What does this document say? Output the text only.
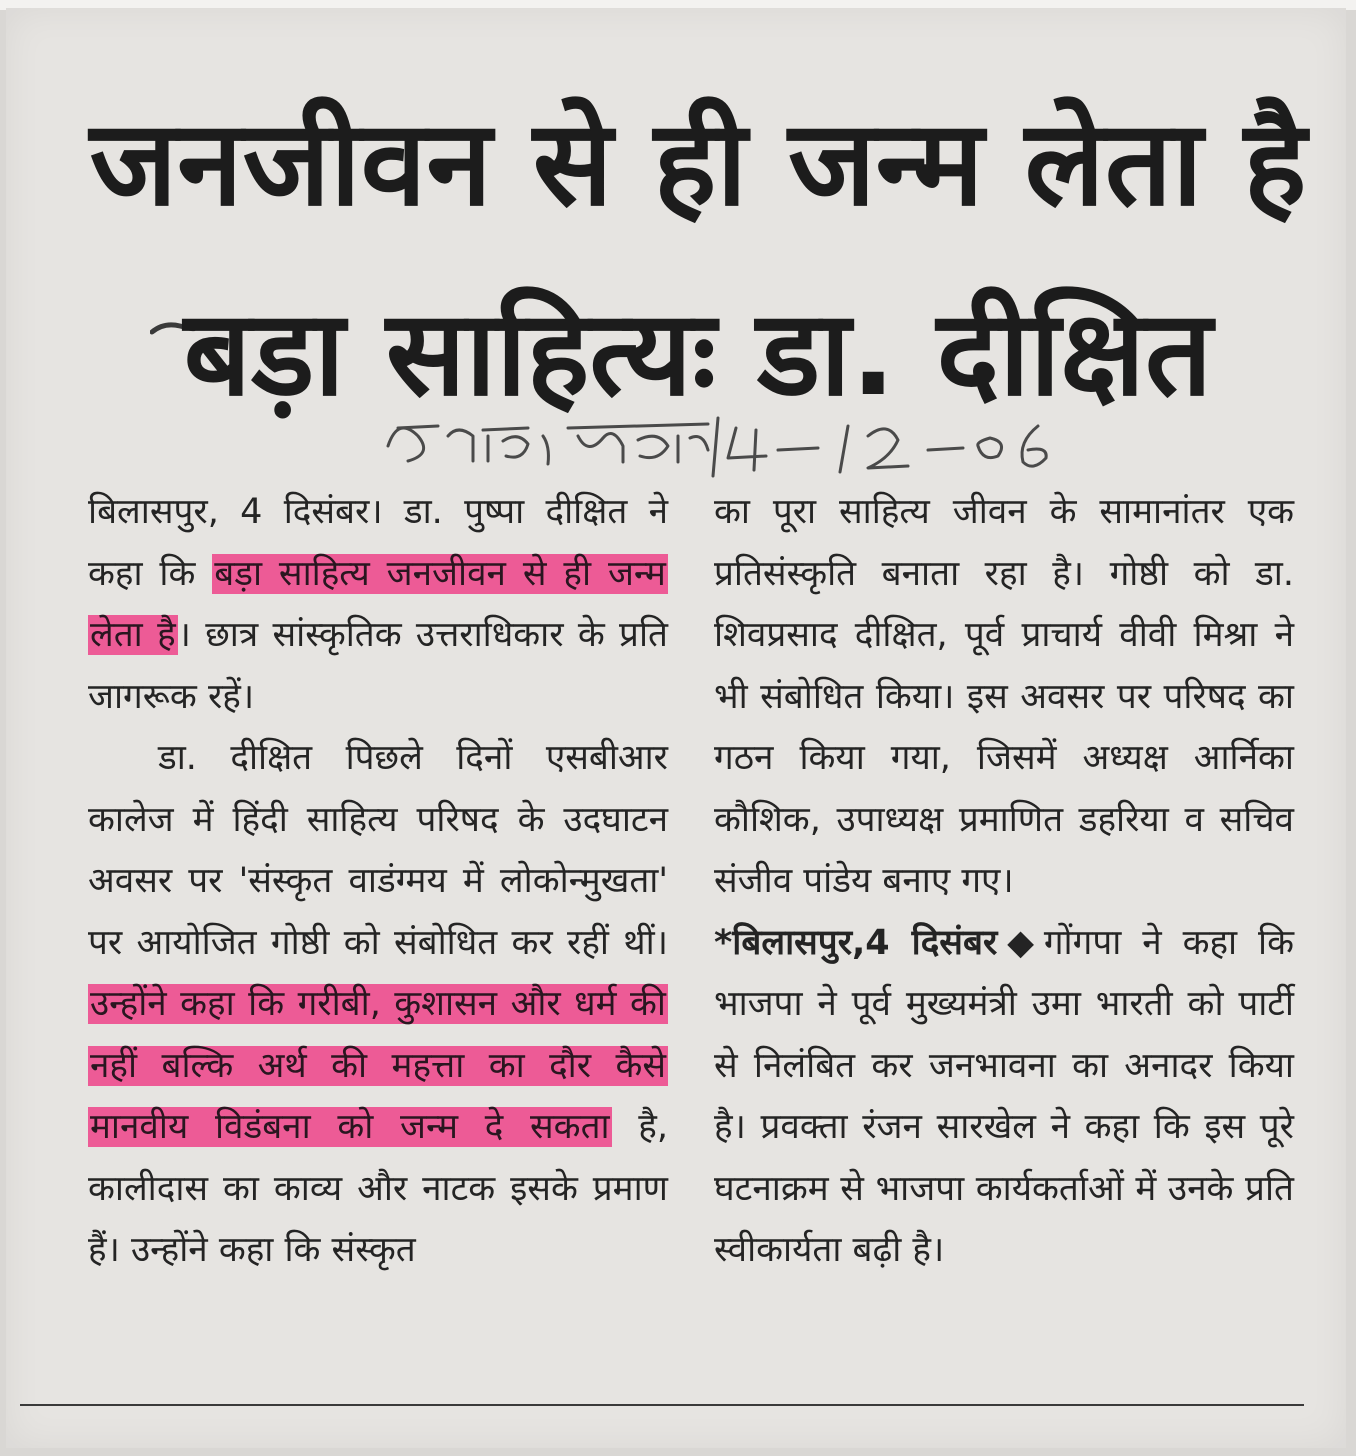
जनजीवन से ही जन्म लेता है
बड़ा साहित्यः डा. दीक्षित

बिलासपुर, 4 दिसंबर। डा. पुष्पा दीक्षित ने कहा कि बड़ा साहित्य जनजीवन से ही जन्म लेता है। छात्र सांस्कृतिक उत्तराधिकार के प्रति जागरूक रहें।

डा. दीक्षित पिछले दिनों एसबीआर कालेज में हिंदी साहित्य परिषद के उदघाटन अवसर पर 'संस्कृत वाडंग्मय में लोकोन्मुखता' पर आयोजित गोष्ठी को संबोधित कर रहीं थीं। उन्होंने कहा कि गरीबी, कुशासन और धर्म की नहीं बल्कि अर्थ की महत्ता का दौर कैसे मानवीय विडंबना को जन्म दे सकता है, कालीदास का काव्य और नाटक इसके प्रमाण हैं। उन्होंने कहा कि संस्कृत

का पूरा साहित्य जीवन के सामानांतर एक प्रतिसंस्कृति बनाता रहा है। गोष्ठी को डा. शिवप्रसाद दीक्षित, पूर्व प्राचार्य वीवी मिश्रा ने भी संबोधित किया। इस अवसर पर परिषद का गठन किया गया, जिसमें अध्यक्ष आर्निका कौशिक, उपाध्यक्ष प्रमाणित डहरिया व सचिव संजीव पांडेय बनाए गए।

*बिलासपुर,4 दिसंबर◆गोंगपा ने कहा कि भाजपा ने पूर्व मुख्यमंत्री उमा भारती को पार्टी से निलंबित कर जनभावना का अनादर किया है। प्रवक्ता रंजन सारखेल ने कहा कि इस पूरे घटनाक्रम से भाजपा कार्यकर्ताओं में उनके प्रति स्वीकार्यता बढ़ी है।
